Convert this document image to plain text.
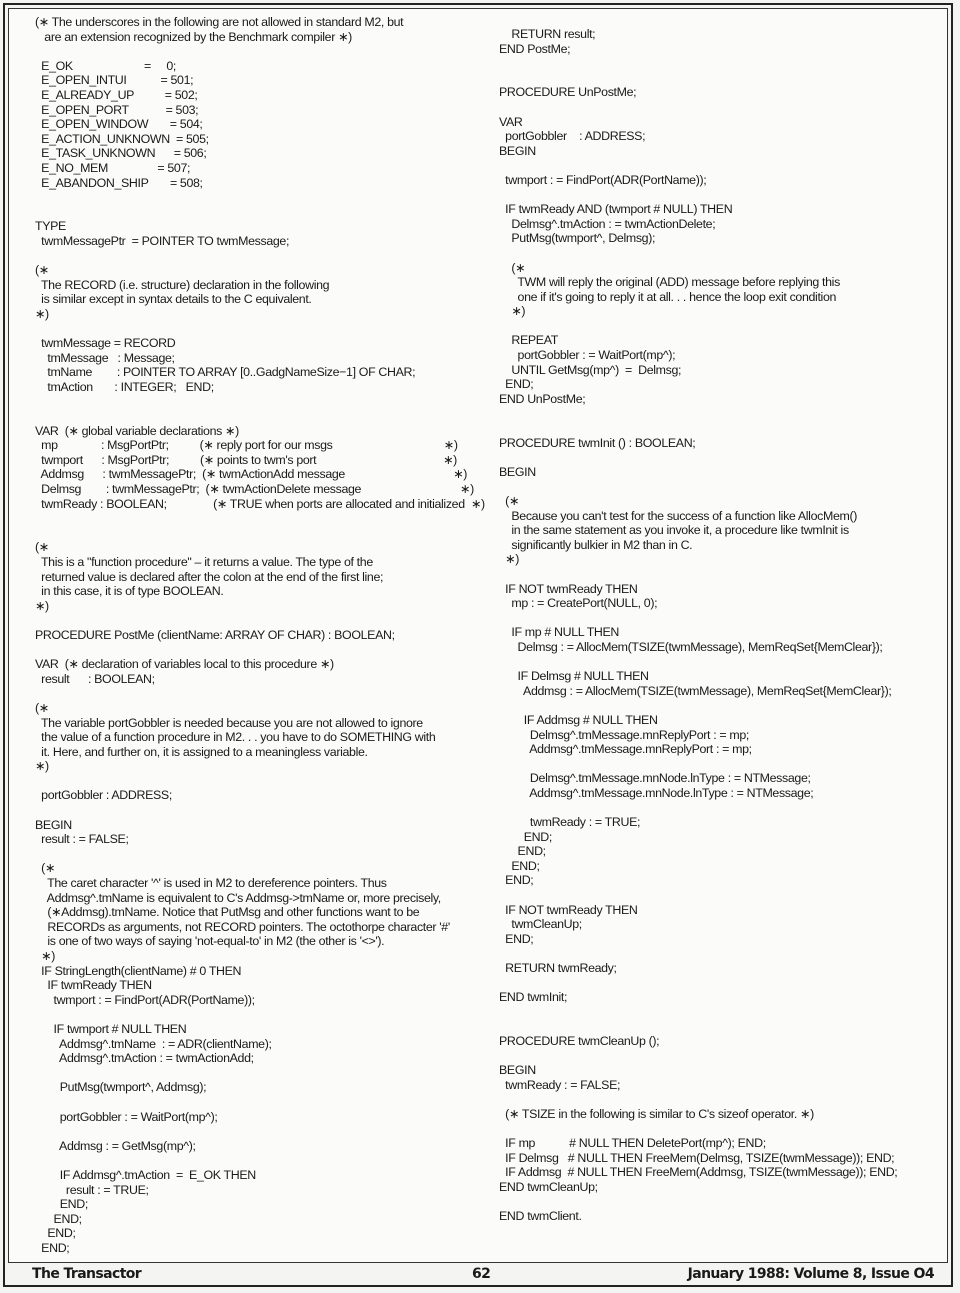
(∗ The underscores in the following are not allowed in standard M2, but
are an extension recognized by the Benchmark compiler ∗)
E_OK                       =     0;
E_OPEN_INTUI           = 501;
E_ALREADY_UP          = 502;
E_OPEN_PORT            = 503;
E_OPEN_WINDOW       = 504;
E_ACTION_UNKNOWN  = 505;
E_TASK_UNKNOWN      = 506;
E_NO_MEM                = 507;
E_ABANDON_SHIP       = 508;
TYPE
twmMessagePtr  = POINTER TO twmMessage;
(∗
The RECORD (i.e. structure) declaration in the following
is similar except in syntax details to the C equivalent.
∗)
twmMessage = RECORD
tmMessage   : Message;
tmName        : POINTER TO ARRAY [0..GadgNameSize−1] OF CHAR;
tmAction       : INTEGER;   END;
VAR  (∗ global variable declarations ∗)
mp              : MsgPortPtr;          (∗ reply port for our msgs                                    ∗)
twmport      : MsgPortPtr;          (∗ points to twm's port                                         ∗)
Addmsg      : twmMessagePtr;  (∗ twmActionAdd message                                   ∗)
Delmsg        : twmMessagePtr;  (∗ twmActionDelete message                                ∗)
twmReady : BOOLEAN;               (∗ TRUE when ports are allocated and initialized  ∗)
(∗
This is a "function procedure" – it returns a value. The type of the
returned value is declared after the colon at the end of the first line;
in this case, it is of type BOOLEAN.
∗)
PROCEDURE PostMe (clientName: ARRAY OF CHAR) : BOOLEAN;
VAR  (∗ declaration of variables local to this procedure ∗)
result      : BOOLEAN;
(∗
The variable portGobbler is needed because you are not allowed to ignore
the value of a function procedure in M2. . . you have to do SOMETHING with
it. Here, and further on, it is assigned to a meaningless variable.
∗)
portGobbler : ADDRESS;
BEGIN
result : = FALSE;
(∗
The caret character '^' is used in M2 to dereference pointers. Thus
Addmsg^.tmName is equivalent to C's Addmsg->tmName or, more precisely,
(∗Addmsg).tmName. Notice that PutMsg and other functions want to be
RECORDs as arguments, not RECORD pointers. The octothorpe character '#'
is one of two ways of saying 'not-equal-to' in M2 (the other is '<>').
∗)
IF StringLength(clientName) # 0 THEN
IF twmReady THEN
twmport : = FindPort(ADR(PortName));
IF twmport # NULL THEN
Addmsg^.tmName  : = ADR(clientName);
Addmsg^.tmAction : = twmActionAdd;
PutMsg(twmport^, Addmsg);
portGobbler : = WaitPort(mp^);
Addmsg : = GetMsg(mp^);
IF Addmsg^.tmAction  =  E_OK THEN
result : = TRUE;
END;
END;
END;
END;
RETURN result;
END PostMe;
PROCEDURE UnPostMe;
VAR
portGobbler    : ADDRESS;
BEGIN
twmport : = FindPort(ADR(PortName));
IF twmReady AND (twmport # NULL) THEN
Delmsg^.tmAction : = twmActionDelete;
PutMsg(twmport^, Delmsg);
(∗
TWM will reply the original (ADD) message before replying this
one if it's going to reply it at all. . . hence the loop exit condition
∗)
REPEAT
portGobbler : = WaitPort(mp^);
UNTIL GetMsg(mp^)  =  Delmsg;
END;
END UnPostMe;
PROCEDURE twmInit () : BOOLEAN;
BEGIN
(∗
Because you can't test for the success of a function like AllocMem()
in the same statement as you invoke it, a procedure like twmInit is
significantly bulkier in M2 than in C.
∗)
IF NOT twmReady THEN
mp : = CreatePort(NULL, 0);
IF mp # NULL THEN
Delmsg : = AllocMem(TSIZE(twmMessage), MemReqSet{MemClear});
IF Delmsg # NULL THEN
Addmsg : = AllocMem(TSIZE(twmMessage), MemReqSet{MemClear});
IF Addmsg # NULL THEN
Delmsg^.tmMessage.mnReplyPort : = mp;
Addmsg^.tmMessage.mnReplyPort : = mp;
Delmsg^.tmMessage.mnNode.lnType : = NTMessage;
Addmsg^.tmMessage.mnNode.lnType : = NTMessage;
twmReady : = TRUE;
END;
END;
END;
END;
IF NOT twmReady THEN
twmCleanUp;
END;
RETURN twmReady;
END twmInit;
PROCEDURE twmCleanUp ();
BEGIN
twmReady : = FALSE;
(∗ TSIZE in the following is similar to C's sizeof operator. ∗)
IF mp           # NULL THEN DeletePort(mp^); END;
IF Delmsg   # NULL THEN FreeMem(Delmsg, TSIZE(twmMessage)); END;
IF Addmsg  # NULL THEN FreeMem(Addmsg, TSIZE(twmMessage)); END;
END twmCleanUp;
END twmClient.
The Transactor	62	January 1988: Volume 8, Issue O4
